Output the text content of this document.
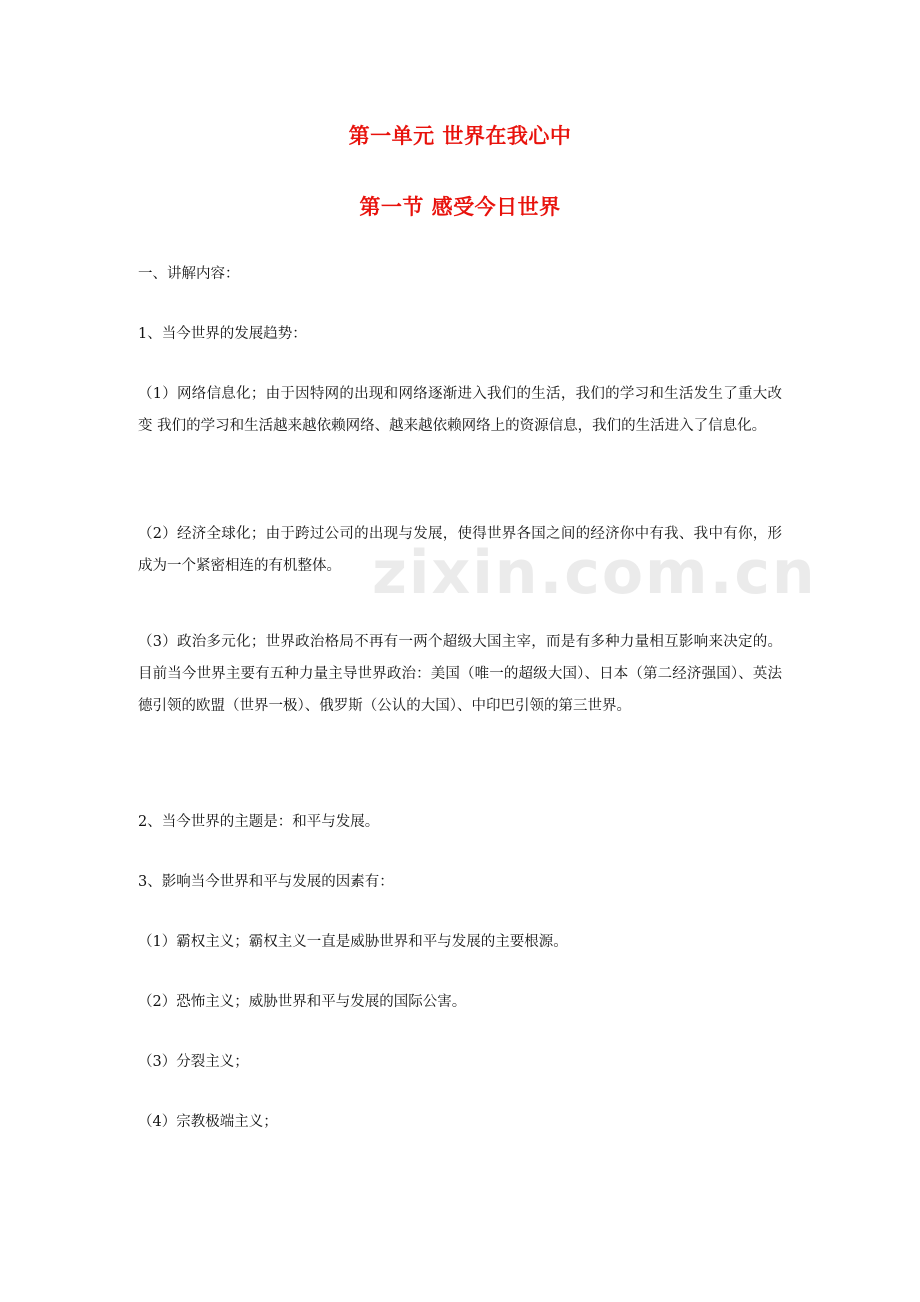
zixin.com.cn
第一单元 世界在我心中
第一节 感受今日世界

一、讲解内容：

1、当今世界的发展趋势：

（1）网络信息化；由于因特网的出现和网络逐渐进入我们的生活，我们的学习和生活发生了重大改变 我们的学习和生活越来越依赖网络、越来越依赖网络上的资源信息，我们的生活进入了信息化。

（2）经济全球化；由于跨过公司的出现与发展，使得世界各国之间的经济你中有我、我中有你，形成为一个紧密相连的有机整体。

（3）政治多元化；世界政治格局不再有一两个超级大国主宰，而是有多种力量相互影响来决定的。目前当今世界主要有五种力量主导世界政治：美国（唯一的超级大国）、日本（第二经济强国）、英法德引领的欧盟（世界一极）、俄罗斯（公认的大国）、中印巴引领的第三世界。

2、当今世界的主题是：和平与发展。

3、影响当今世界和平与发展的因素有：

（1）霸权主义；霸权主义一直是威胁世界和平与发展的主要根源。

（2）恐怖主义；威胁世界和平与发展的国际公害。

（3）分裂主义；

（4）宗教极端主义；
